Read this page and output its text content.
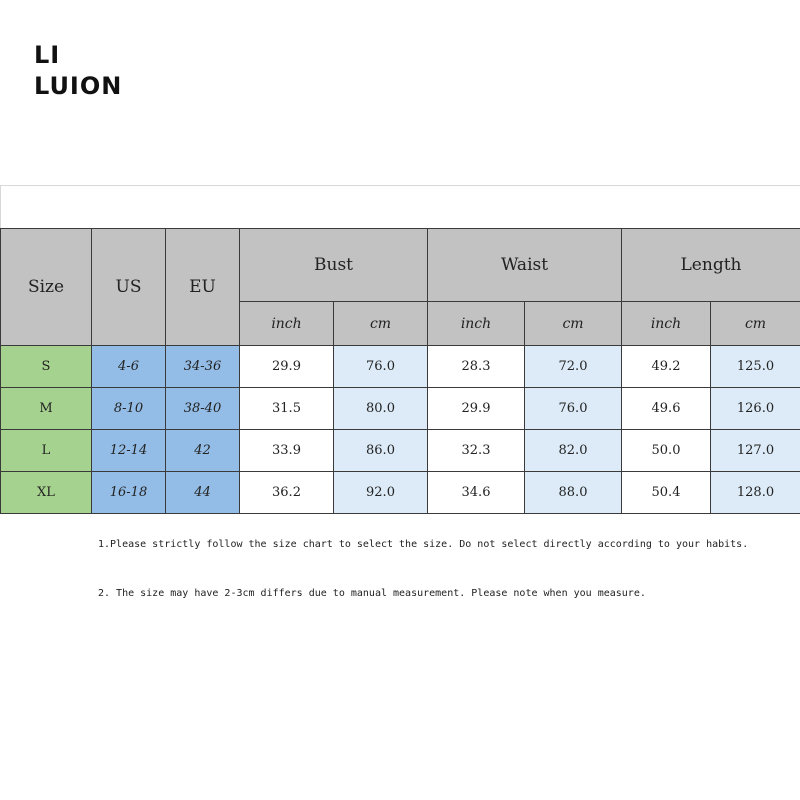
LI
LUION
Size	US	EU	Bust		Waist		Length	
			inch	cm	inch	cm	inch	cm
S	4-6	34-36	29.9	76.0	28.3	72.0	49.2	125.0
M	8-10	38-40	31.5	80.0	29.9	76.0	49.6	126.0
L	12-14	42	33.9	86.0	32.3	82.0	50.0	127.0
XL	16-18	44	36.2	92.0	34.6	88.0	50.4	128.0
1.Please strictly follow the size chart to select the size. Do not select directly according to your habits.
2. The size may have 2-3cm differs due to manual measurement. Please note when you measure.
